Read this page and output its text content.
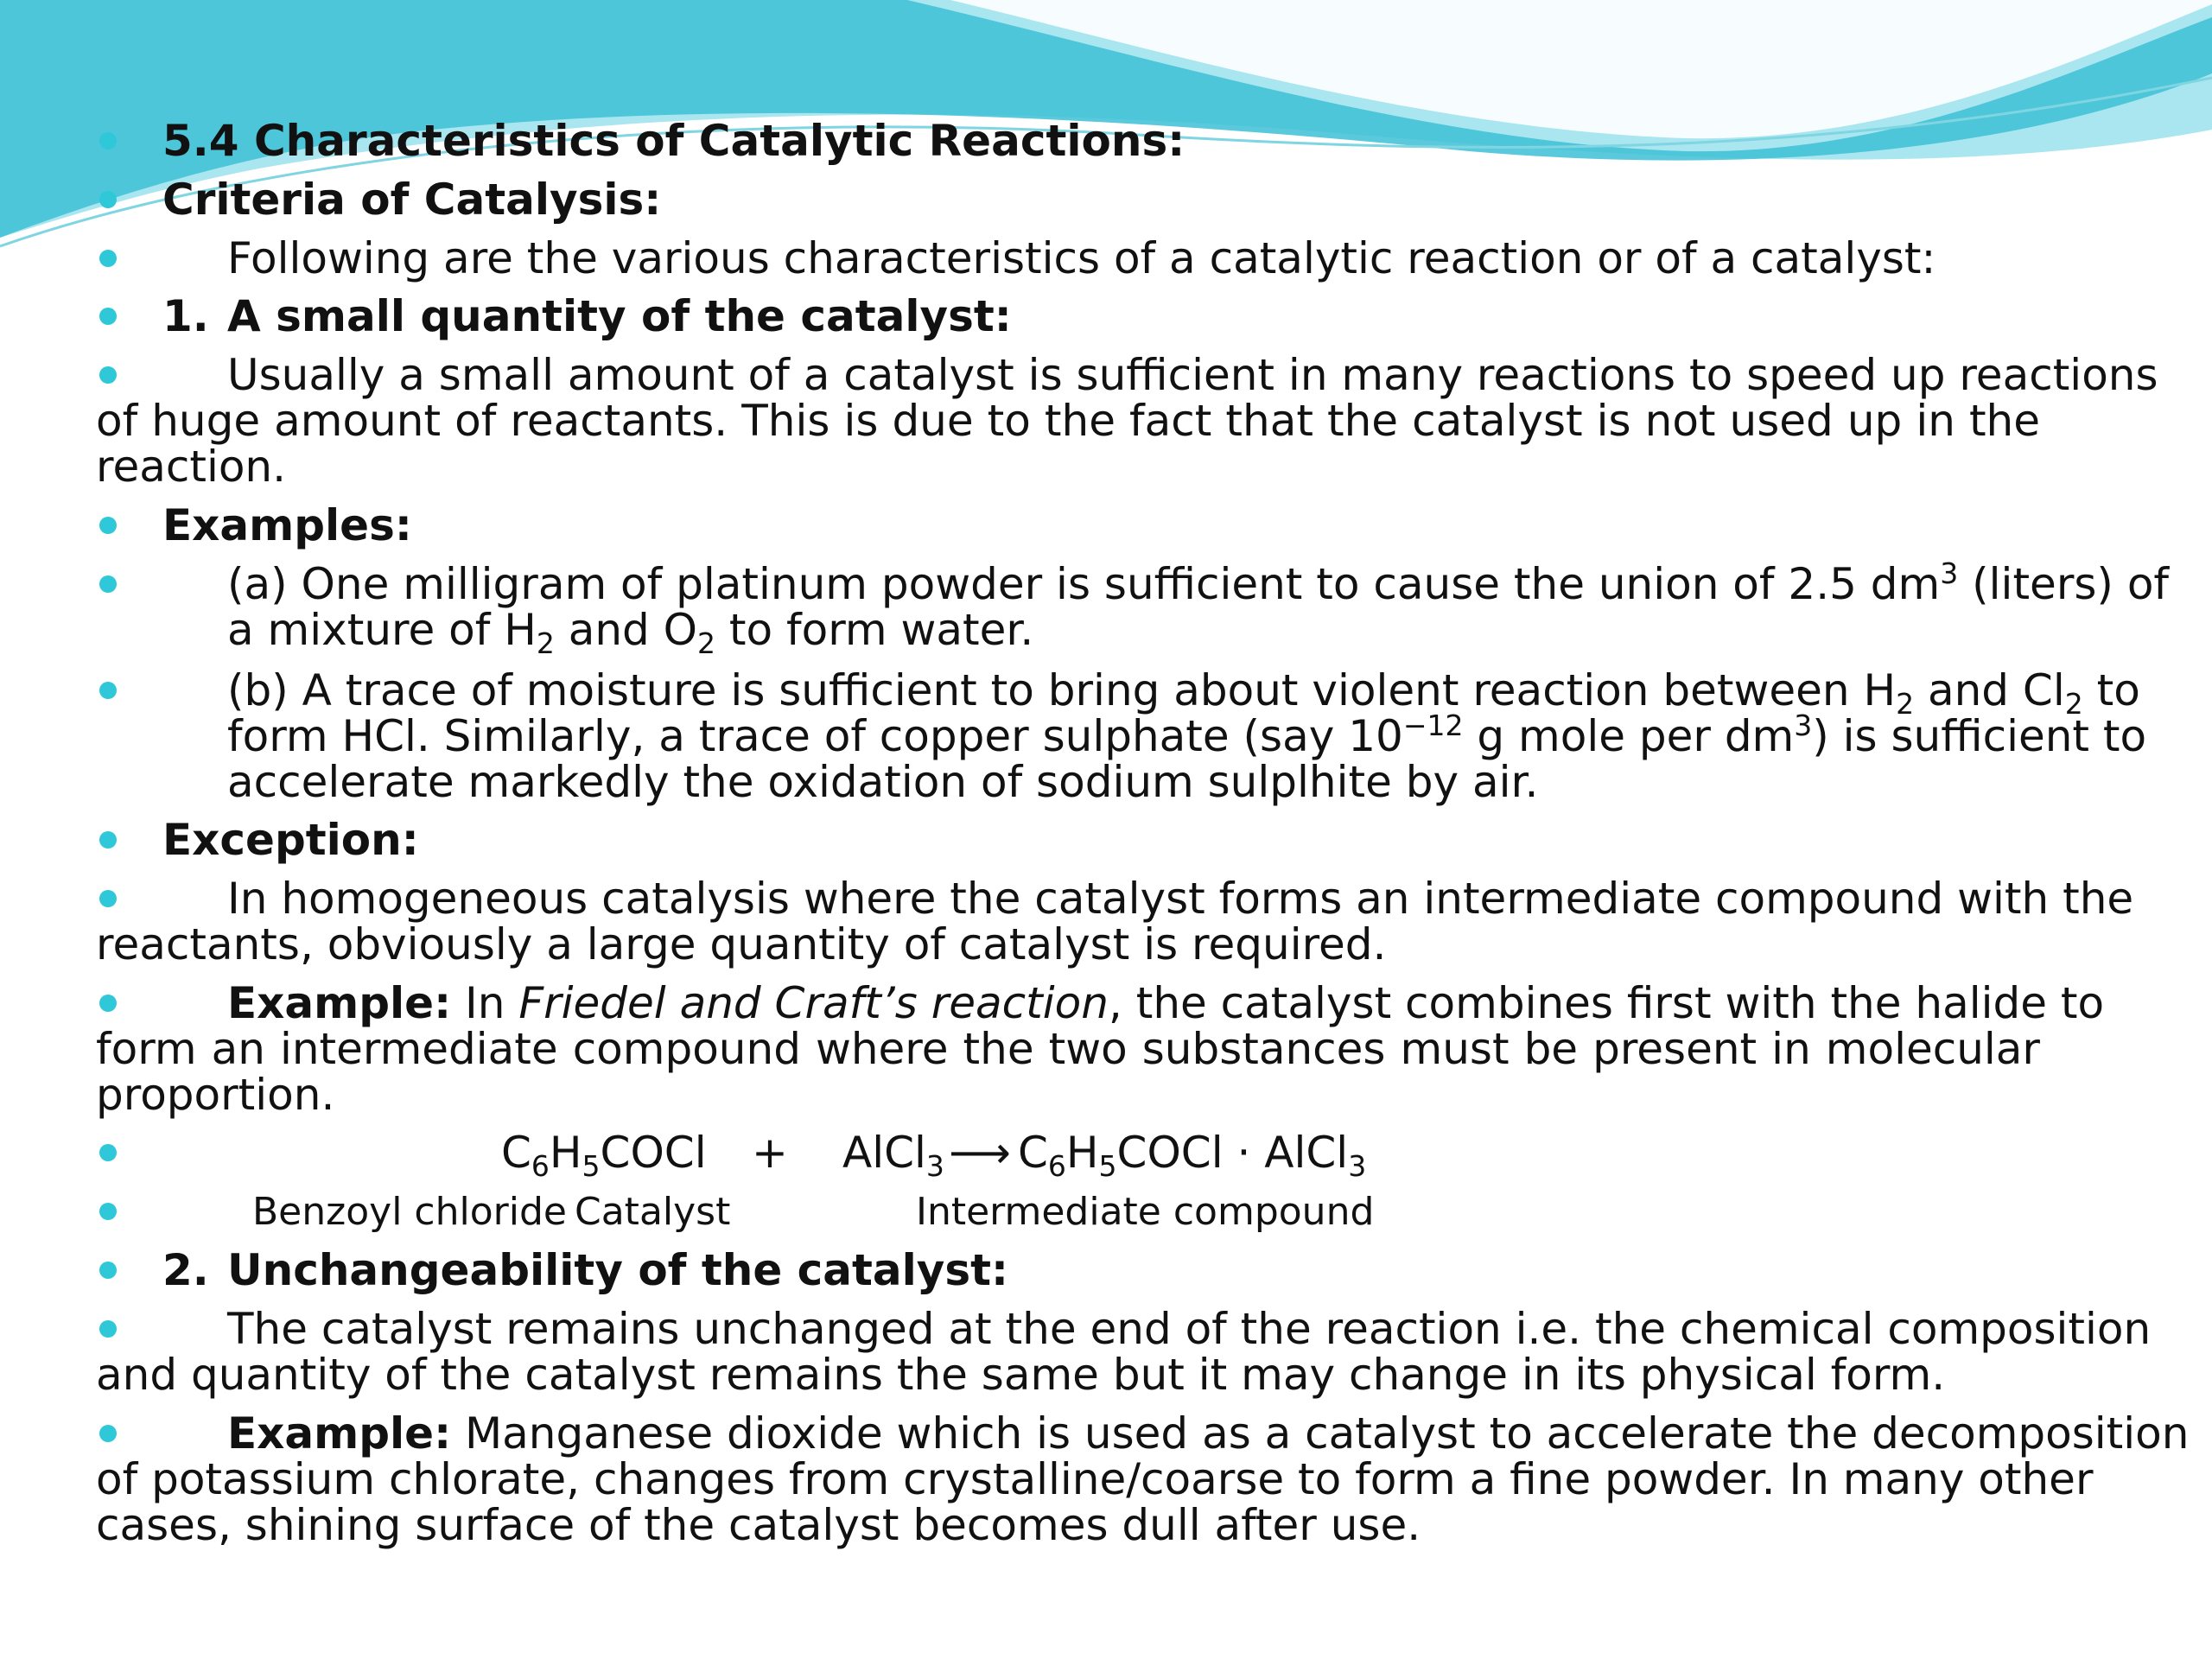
5.4 Characteristics of Catalytic Reactions:
Criteria of Catalysis:
Following are the various characteristics of a catalytic reaction or of a catalyst:
1. A small quantity of the catalyst:
Usually a small amount of a catalyst is sufficient in many reactions to speed up reactions
of huge amount of reactants. This is due to the fact that the catalyst is not used up in the
reaction.
Examples:
(a) One milligram of platinum powder is sufficient to cause the union of 2.5 $dm^3$ (liters) of
a mixture of $H_2$ and $O_2$ to form water.
(b) A trace of moisture is sufficient to bring about violent reaction between $H_2$ and $Cl_2$ to
form HCl. Similarly, a trace of copper sulphate (say $10^{-12}$ g mole per $dm^3$) is sufficient to
accelerate markedly the oxidation of sodium sulplhite by air.
Exception:
In homogeneous catalysis where the catalyst forms an intermediate compound with the
reactants, obviously a large quantity of catalyst is required.
Example: In Friedel and Craft’s reaction, the catalyst combines first with the halide to
form an intermediate compound where the two substances must be present in molecular
proportion.
$C_6H_5COCl$ + AlCl$_3$ ⟶ $C_6H_5COCl$ · AlCl$_3$
Benzoyl chloride Catalyst	Intermediate compound
2. Unchangeability of the catalyst:
The catalyst remains unchanged at the end of the reaction i.e. the chemical composition
and quantity of the catalyst remains the same but it may change in its physical form.
Example: Manganese dioxide which is used as a catalyst to accelerate the decomposition
of potassium chlorate, changes from crystalline/coarse to form a fine powder. In many other
cases, shining surface of the catalyst becomes dull after use.
